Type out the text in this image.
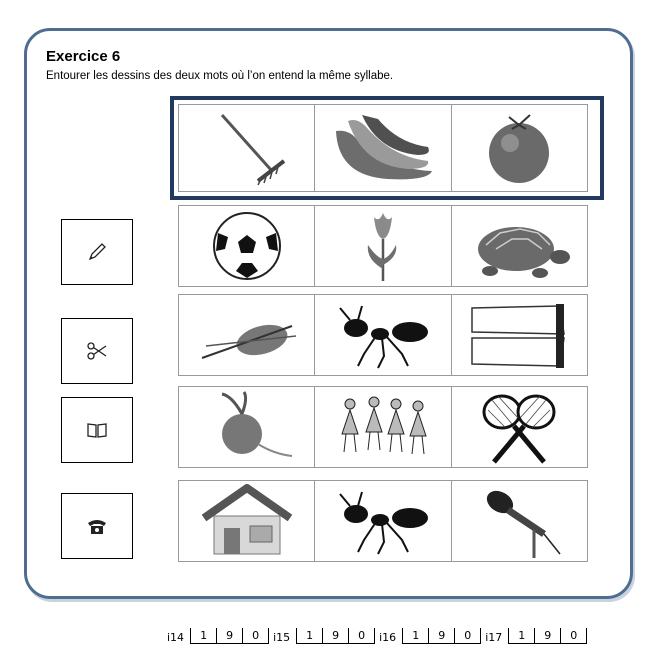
Exercice 6
Entourer les dessins des deux mots où l’on entend la même syllabe.
i14	1	9	0	i15	1	9	0	i16	1	9	0	i17	1	9	0
